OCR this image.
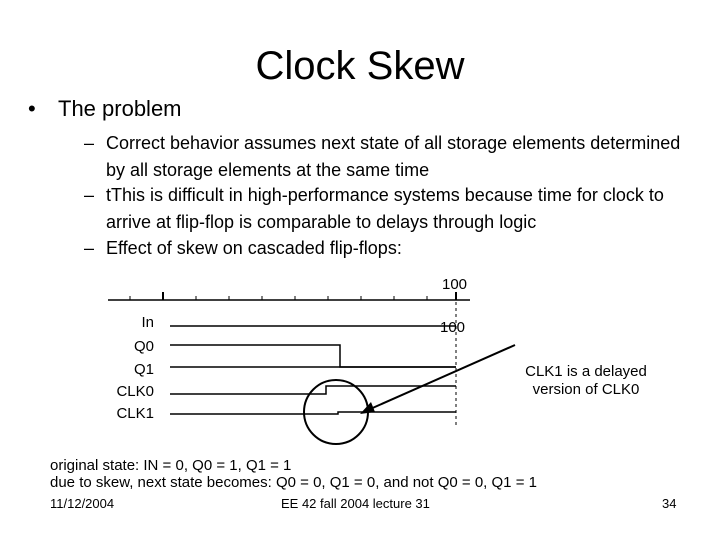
Clock Skew
• The problem
– Correct behavior assumes next state of all storage elements determined by all storage elements at the same time
– tThis is difficult in high-performance systems because time for clock to arrive at flip-flop is comparable to delays through logic
– Effect of skew on cascaded flip-flops:
100
100
In
Q0
Q1
CLK0
CLK1
CLK1 is a delayed version of CLK0
original state: IN = 0, Q0 = 1, Q1 = 1
due to skew, next state becomes: Q0 = 0, Q1 = 0, and not Q0 = 0, Q1 = 1
11/12/2004	EE 42 fall 2004 lecture 31	34
